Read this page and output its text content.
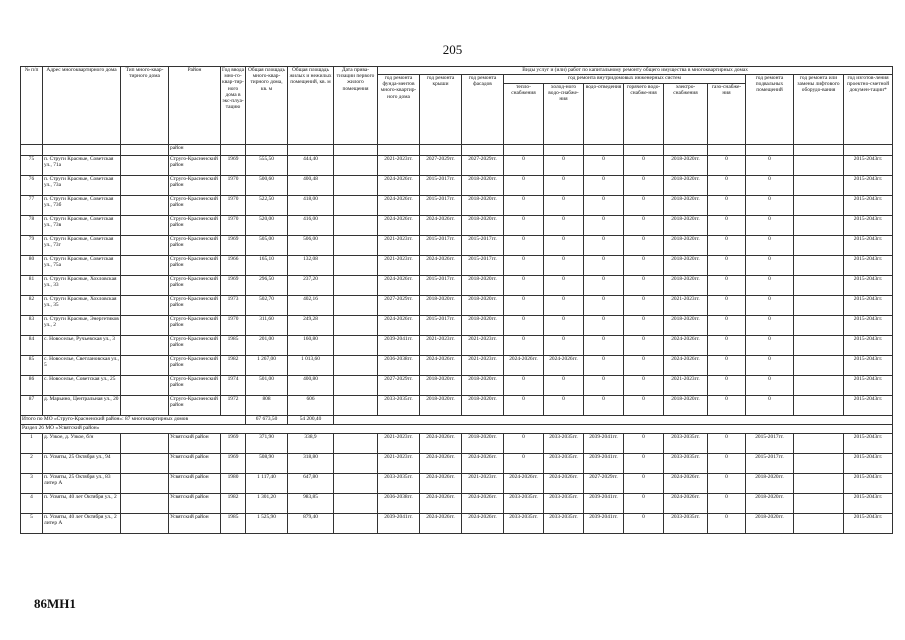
205
№ п/п	Адрес многоквартирного дома	Тип много-квар-тирного дома	Район	Год ввода мно-го-квар-тир-ного дома в экс-плуа-тацию	Общая площадь много-квар-тирного дома, кв. м	Общая площадь жилых и нежилых помещений, кв. м	Дата прива-тизации первого жилого помещения	Виды услуг и (или) работ по капитальному ремонту общего имущества в многоквартирных домах											
								год ремонта фунда-ментов много-квартир-ного дома	год ремонта крыши	год ремонта фасадов	год ремонта внутридомовых инженерных систем						год ремонта подвальных помещений	год ремонта или замены лифтового оборудо-вания	год изготов-ления проектно-сметной докумен-тации*
											тепло-снабжения	холод-ного водо-снабже-ния	водо-отведения	горячего водо-снабже-ния	электро-снабжения	газо-снабже-ния			
			район																
75	п. Струги Красные, Советская ул., 71а		Струго-Красненский район	1969	555,50	444,40		2021-2023гг.	2027-2029гг.	2027-2029гг.	0	0	0	0	2018-2020гг.	0	0		2015-2043гг.
76	п. Струги Красные, Советская ул., 73а		Струго-Красненский район	1970	500,60	400,48		2024-2026гг.	2015-2017гг.	2018-2020гг.	0	0	0	0	2018-2020гг.	0	0		2015-2043гг.
77	п. Струги Красные, Советская ул., 73б		Струго-Красненский район	1970	522,50	418,00		2024-2026гг.	2015-2017гг.	2018-2020гг.	0	0	0	0	2018-2020гг.	0	0		2015-2043гг.
78	п. Струги Красные, Советская ул., 73в		Струго-Красненский район	1970	520,00	416,00		2024-2026гг.	2024-2026гг.	2018-2020гг.	0	0	0	0	2018-2020гг.	0	0		2015-2043гг.
79	п. Струги Красные, Советская ул., 73г		Струго-Красненский район	1969	505,00	506,00		2021-2023гг.	2015-2017гг.	2015-2017гг.	0	0	0	0	2018-2020гг.	0	0		2015-2043гг.
80	п. Струги Красные, Советская ул., 75а		Струго-Красненский район	1966	165,10	132,08		2021-2023гг.	2024-2026гг.	2015-2017гг.	0	0	0	0	2018-2020гг.	0	0		2015-2043гг.
81	п. Струги Красные, Хохловская ул., 33		Струго-Красненский район	1969	296,50	237,20		2024-2026гг.	2015-2017гг.	2018-2020гг.	0	0	0	0	2018-2020гг.	0	0		2015-2043гг.
82	п. Струги Красные, Хохловская ул., 35		Струго-Красненский район	1973	502,70	402,16		2027-2029гг.	2018-2020гг.	2018-2020гг.	0	0	0	0	2021-2023гг.	0	0		2015-2043гг.
83	п. Струги Красные, Энергетиков ул., 2		Струго-Красненский район	1970	311,60	249,28		2024-2026гг.	2015-2017гг.	2018-2020гг.	0	0	0	0	2018-2020гг.	0	0		2015-2043гг.
84	с. Новоселье, Ручьевская ул., 3		Струго-Красненский район	1985	201,00	160,80		2039-2041гг.	2021-2023гг.	2021-2023гг.	0	0	0	0	2024-2026гг.	0	0		2015-2043гг.
85	с. Новоселье, Светлановская ул., 5		Струго-Красненский район	1982	1 267,00	1 013,60		2036-2038гг.	2024-2026гг.	2021-2023гг.	2024-2026гг.	2024-2026гг.	0	0	2024-2026гг.	0	0		2015-2043гг.
86	с. Новоселье, Советская ул., 25		Струго-Красненский район	1974	501,00	400,80		2027-2029гг.	2018-2020гг.	2018-2020гг.	0	0	0	0	2021-2023гг.	0	0		2015-2043гг.
87	д. Марьино, Центральная ул., 20		Струго-Красненский район	1972	808	606		2033-2035гг.	2018-2020гг.	2018-2020гг.	0	0	0	0	2018-2020гг.	0	0		2015-2043гг.
Итого по МО «Струго-Красненский район»: 87 многоквартирных домов					67 673,50	54 200,40													
Раздел 26 МО «Усвятский район»																			
1	д. Узкое, д. Узкое, б/н		Усвятский район	1969	371,90	338,9		2021-2023гг.	2024-2026гг.	2018-2020гг.	0	2033-2035гг.	2039-2041гг.	0	2033-2035гг.	0	2015-2017гг.		2015-2043гг.
2	п. Усвяты, 25 Октября ул., 94		Усвятский район	1969	508,90	318,80		2021-2023гг.	2024-2026гг.	2024-2026гг.	0	2033-2035гг.	2039-2041гг.	0	2033-2035гг.	0	2015-2017гг.		2015-2043гг.
3	п. Усвяты, 25 Октября ул., 83 литер А		Усвятский район	1980	1 117,40	647,80		2033-2035гг.	2024-2026гг.	2021-2023гг.	2024-2026гг.	2024-2026гг.	2027-2029гг.	0	2024-2026гг.	0	2018-2020гг.		2015-2043гг.
4	п. Усвяты, 40 лет Октября ул., 2		Усвятский район	1982	1 301,20	983,85		2036-2038гг.	2024-2026гг.	2024-2026гг.	2033-2035гг.	2033-2035гг.	2039-2041гг.	0	2024-2026гг.	0	2018-2020гг.		2015-2043гг.
5	п. Усвяты, 40 лет Октября ул., 2 литер А		Усвятский район	1985	1 525,90	879,40		2039-2041гг.	2024-2026гг.	2024-2026гг.	2033-2035гг.	2033-2035гг.	2039-2041гг.	0	2033-2035гг.	0	2018-2020гг.		2015-2043гг.
86МН1
